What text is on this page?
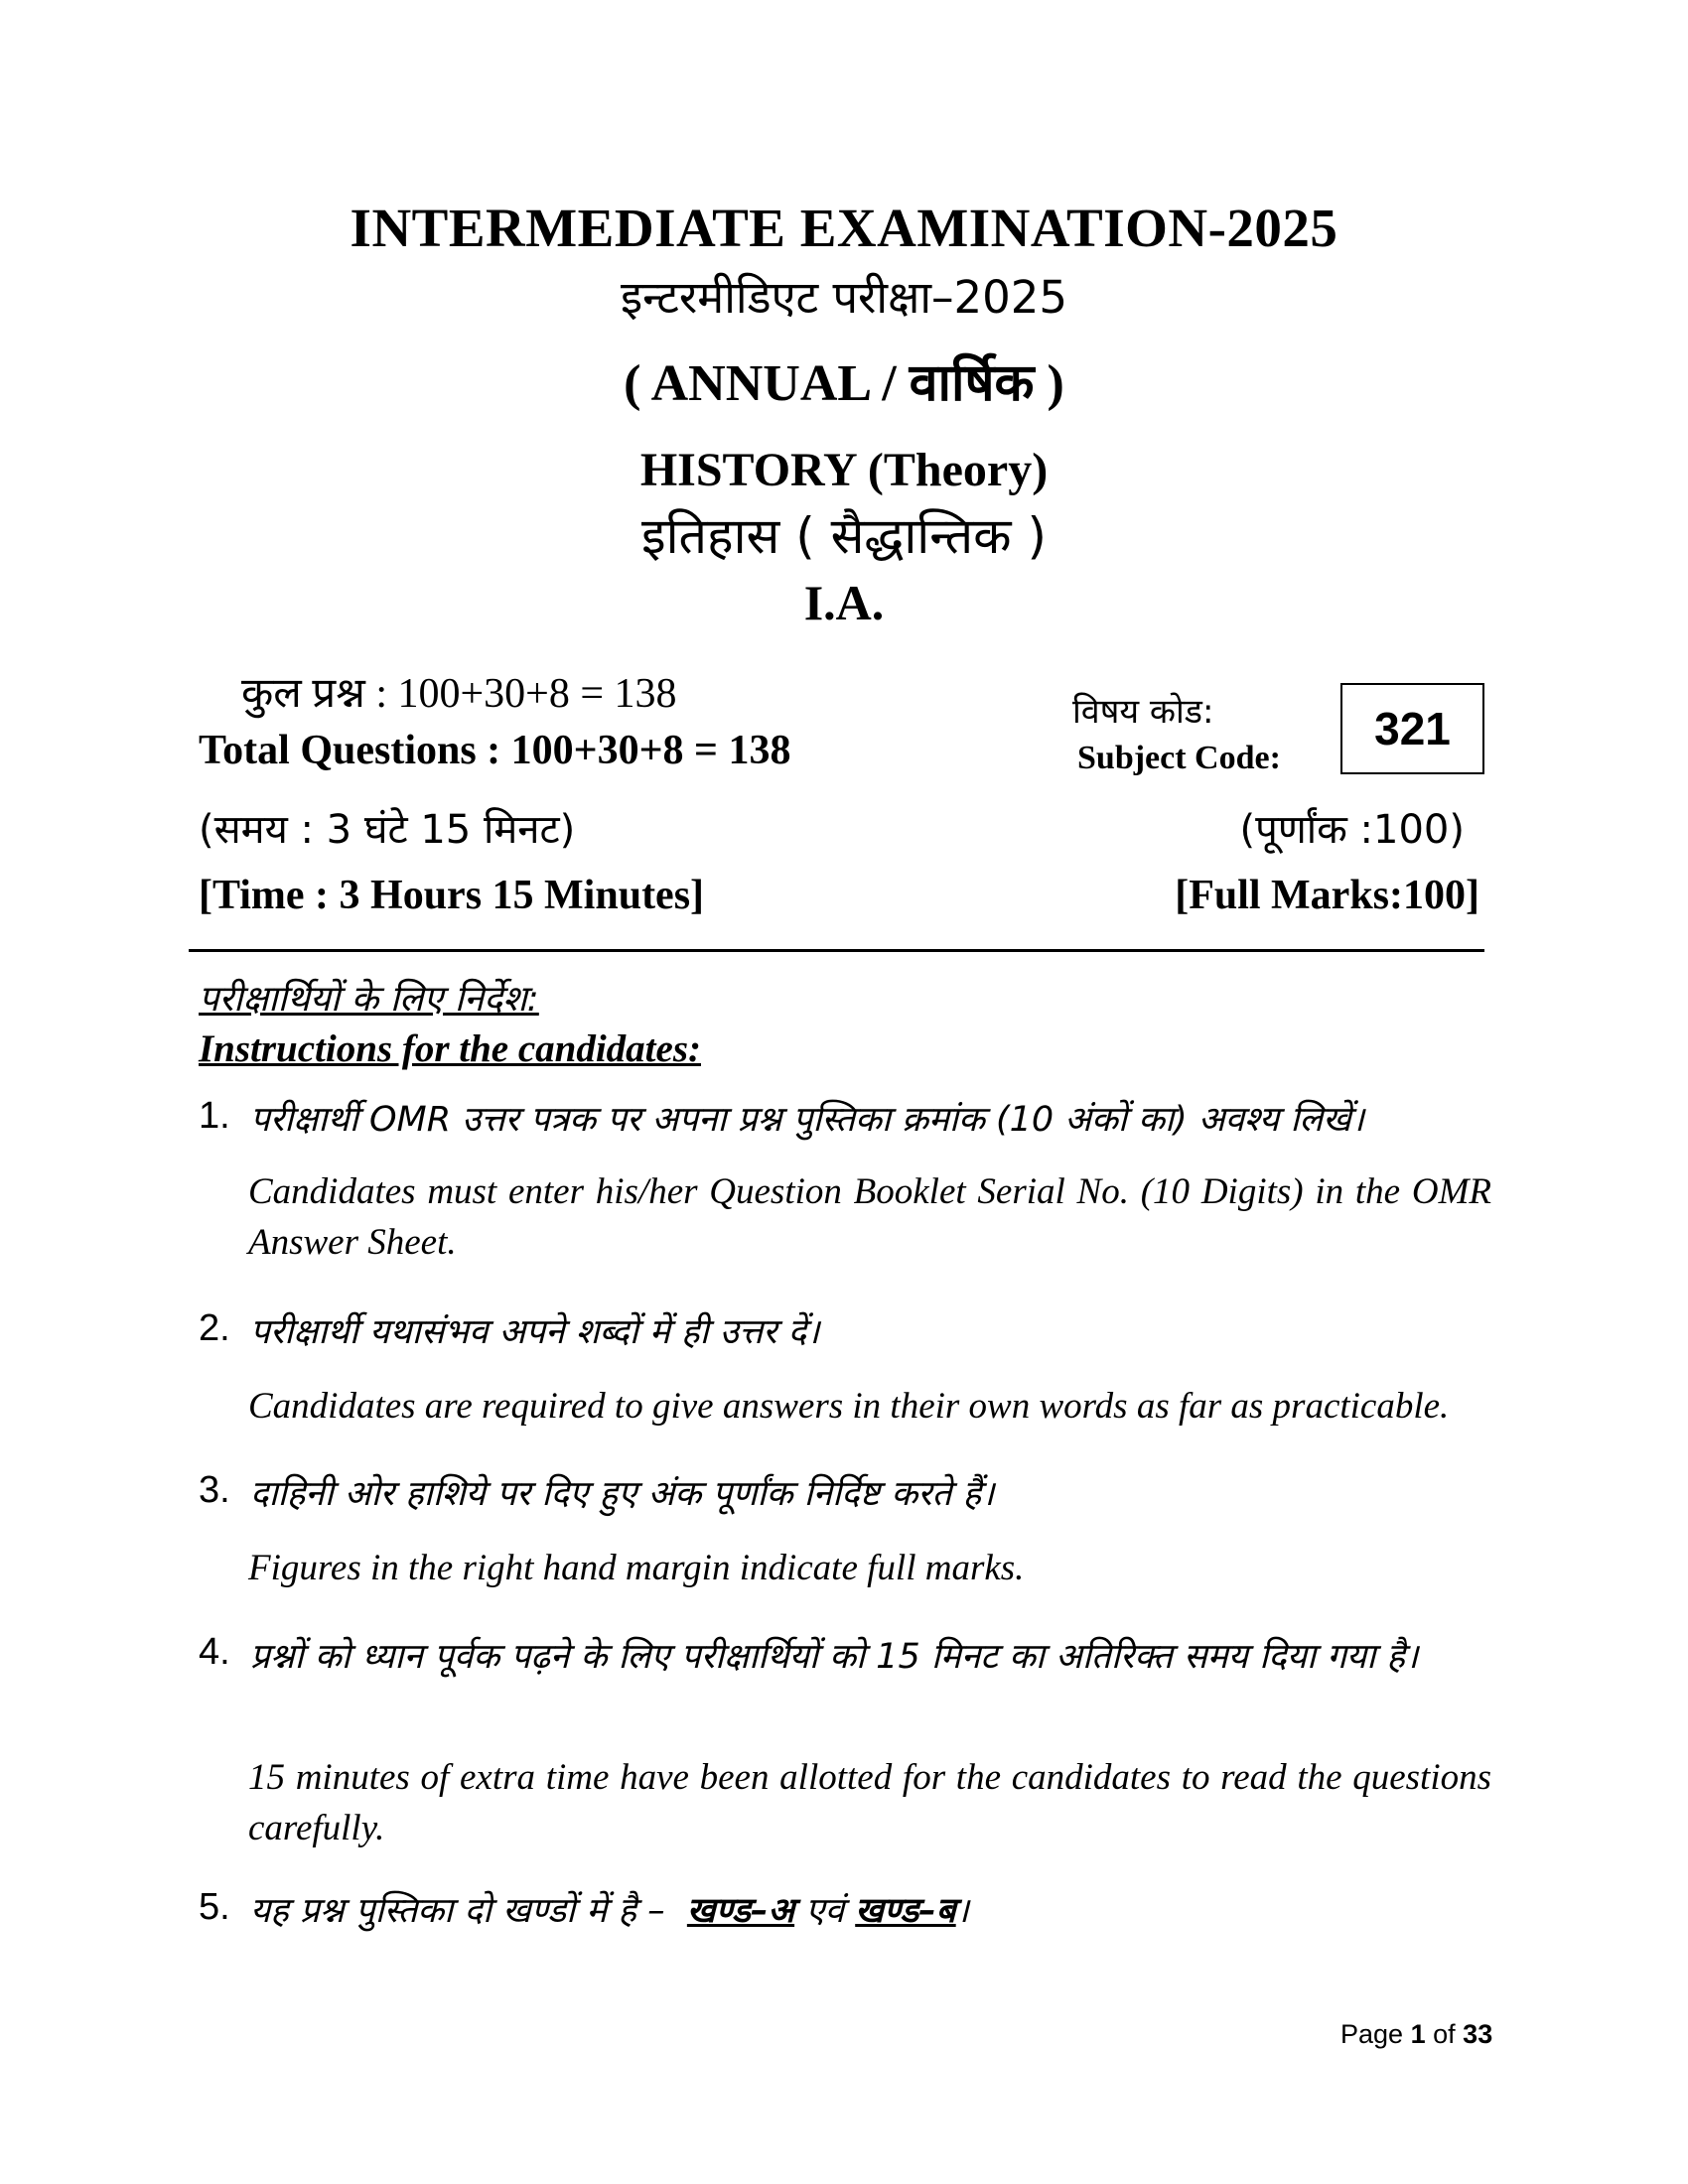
INTERMEDIATE EXAMINATION-2025
इन्टरमीडिएट परीक्षा–2025
( ANNUAL / वार्षिक )
HISTORY (Theory)
इतिहास ( सैद्धान्तिक )
I.A.
कुल प्रश्न : 100+30+8 = 138
Total Questions : 100+30+8 = 138
(समय : 3 घंटे 15 मिनट)
[Time : 3 Hours 15 Minutes]
विषय कोड:
Subject Code:
321
(पूर्णांक :100)
[Full Marks:100]
परीक्षार्थियों के लिए निर्देश:
Instructions for the candidates:
1. परीक्षार्थी OMR उत्तर पत्रक पर अपना प्रश्न पुस्तिका क्रमांक (10 अंकों का) अवश्य लिखें।
Candidates must enter his/her Question Booklet Serial No. (10 Digits) in the OMR Answer Sheet.
2. परीक्षार्थी यथासंभव अपने शब्दों में ही उत्तर दें।
Candidates are required to give answers in their own words as far as practicable.
3. दाहिनी ओर हाशिये पर दिए हुए अंक पूर्णांक निर्दिष्ट करते हैं।
Figures in the right hand margin indicate full marks.
4. प्रश्नों को ध्यान पूर्वक पढ़ने के लिए परीक्षार्थियों को 15 मिनट का अतिरिक्त समय दिया गया है।
15 minutes of extra time have been allotted for the candidates to read the questions carefully.
5. यह प्रश्न पुस्तिका दो खण्डों में है – खण्ड–अ एवं खण्ड–ब।
Page 1 of 33
